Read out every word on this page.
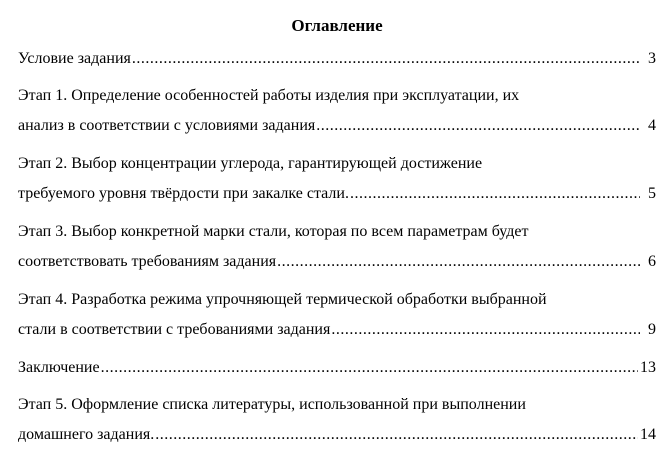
Оглавление
Условие задания .....	3
Этап 1. Определение особенностей работы изделия при эксплуатации, их
анализ в соответствии с условиями задания .....	4
Этап 2. Выбор концентрации углерода, гарантирующей достижение
требуемого уровня твёрдости при закалке стали. .....	5
Этап 3. Выбор конкретной марки стали, которая по всем параметрам будет
соответствовать требованиям задания .....	6
Этап 4. Разработка режима упрочняющей термической обработки выбранной
стали в соответствии с требованиями задания .....	9
Заключение .....	13
Этап 5. Оформление списка литературы, использованной при выполнении
домашнего задания. .....	14
